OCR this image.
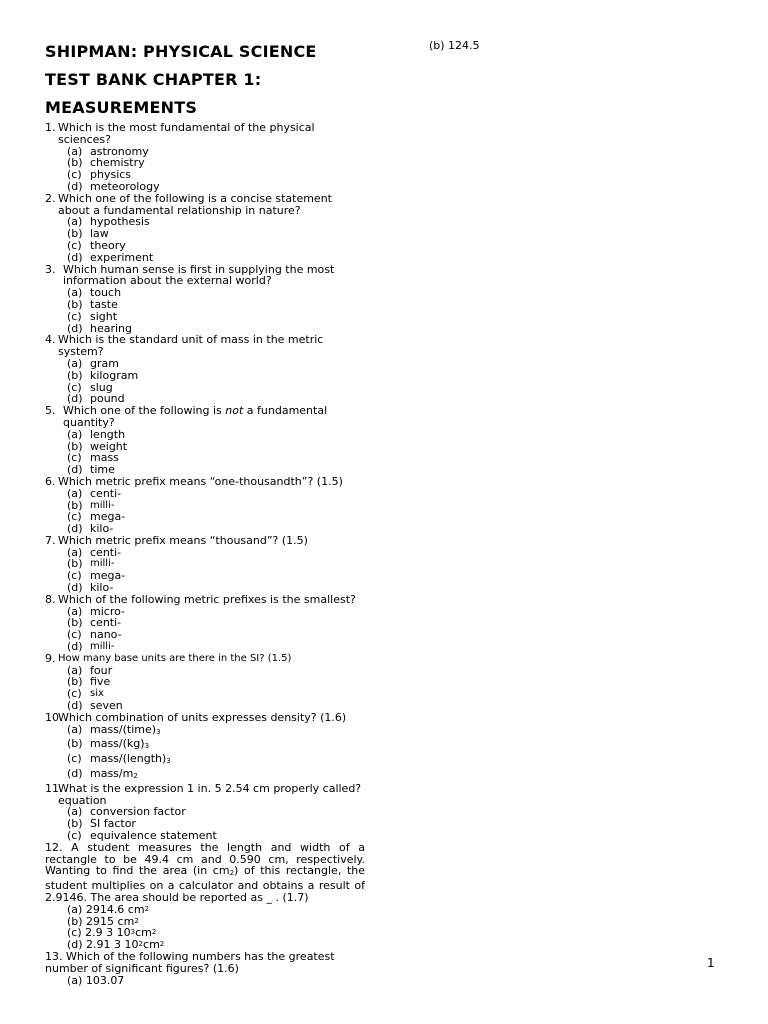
SHIPMAN: PHYSICAL SCIENCE
TEST BANK CHAPTER 1:
MEASUREMENTS
(b) 124.5
1. Which is the most fundamental of the physical sciences?
(a) astronomy
(b) chemistry
(c) physics
(d) meteorology
2. Which one of the following is a concise statement about a fundamental relationship in nature?
(a) hypothesis
(b) law
(c) theory
(d) experiment
3. Which human sense is first in supplying the most information about the external world?
(a) touch
(b) taste
(c) sight
(d) hearing
4. Which is the standard unit of mass in the metric system?
(a) gram
(b) kilogram
(c) slug
(d) pound
5. Which one of the following is not a fundamental quantity?
(a) length
(b) weight
(c) mass
(d) time
6. Which metric prefix means “one-thousandth”? (1.5)
(a) centi-
(b) milli-
(c) mega-
(d) kilo-
7. Which metric prefix means “thousand”? (1.5)
(a) centi-
(b) milli-
(c) mega-
(d) kilo-
8. Which of the following metric prefixes is the smallest?
(a) micro-
(b) centi-
(c) nano-
(d) milli-
9. How many base units are there in the SI? (1.5)
(a) four
(b) five
(c) six
(d) seven
10.
Which combination of units expresses density? (1.6)
(a) mass/$(time)_3$
(b) mass/$(kg)_3$
(c) mass/$(length)_3$
(d) mass/$m_2$
11.
What is the expression 1 in. 5 2.54 cm properly called? equation
(a) conversion factor
(b) SI factor
(c) equivalence statement
12. A student measures the length and width of a rectangle to be 49.4 cm and 0.590 cm, respectively. Wanting to find the area (in $cm_2$) of this rectangle, the student multiplies on a calculator and obtains a result of 2.9146. The area should be reported as _ . (1.7)
(a) 2914.6 cm 2
(b) 2915 cm 2
(c) 2.9 3 10 3 cm 2
(d) 2.91 3 10 2 cm 2
13. Which of the following numbers has the greatest number of significant figures? (1.6)
(a) 103.07
1
